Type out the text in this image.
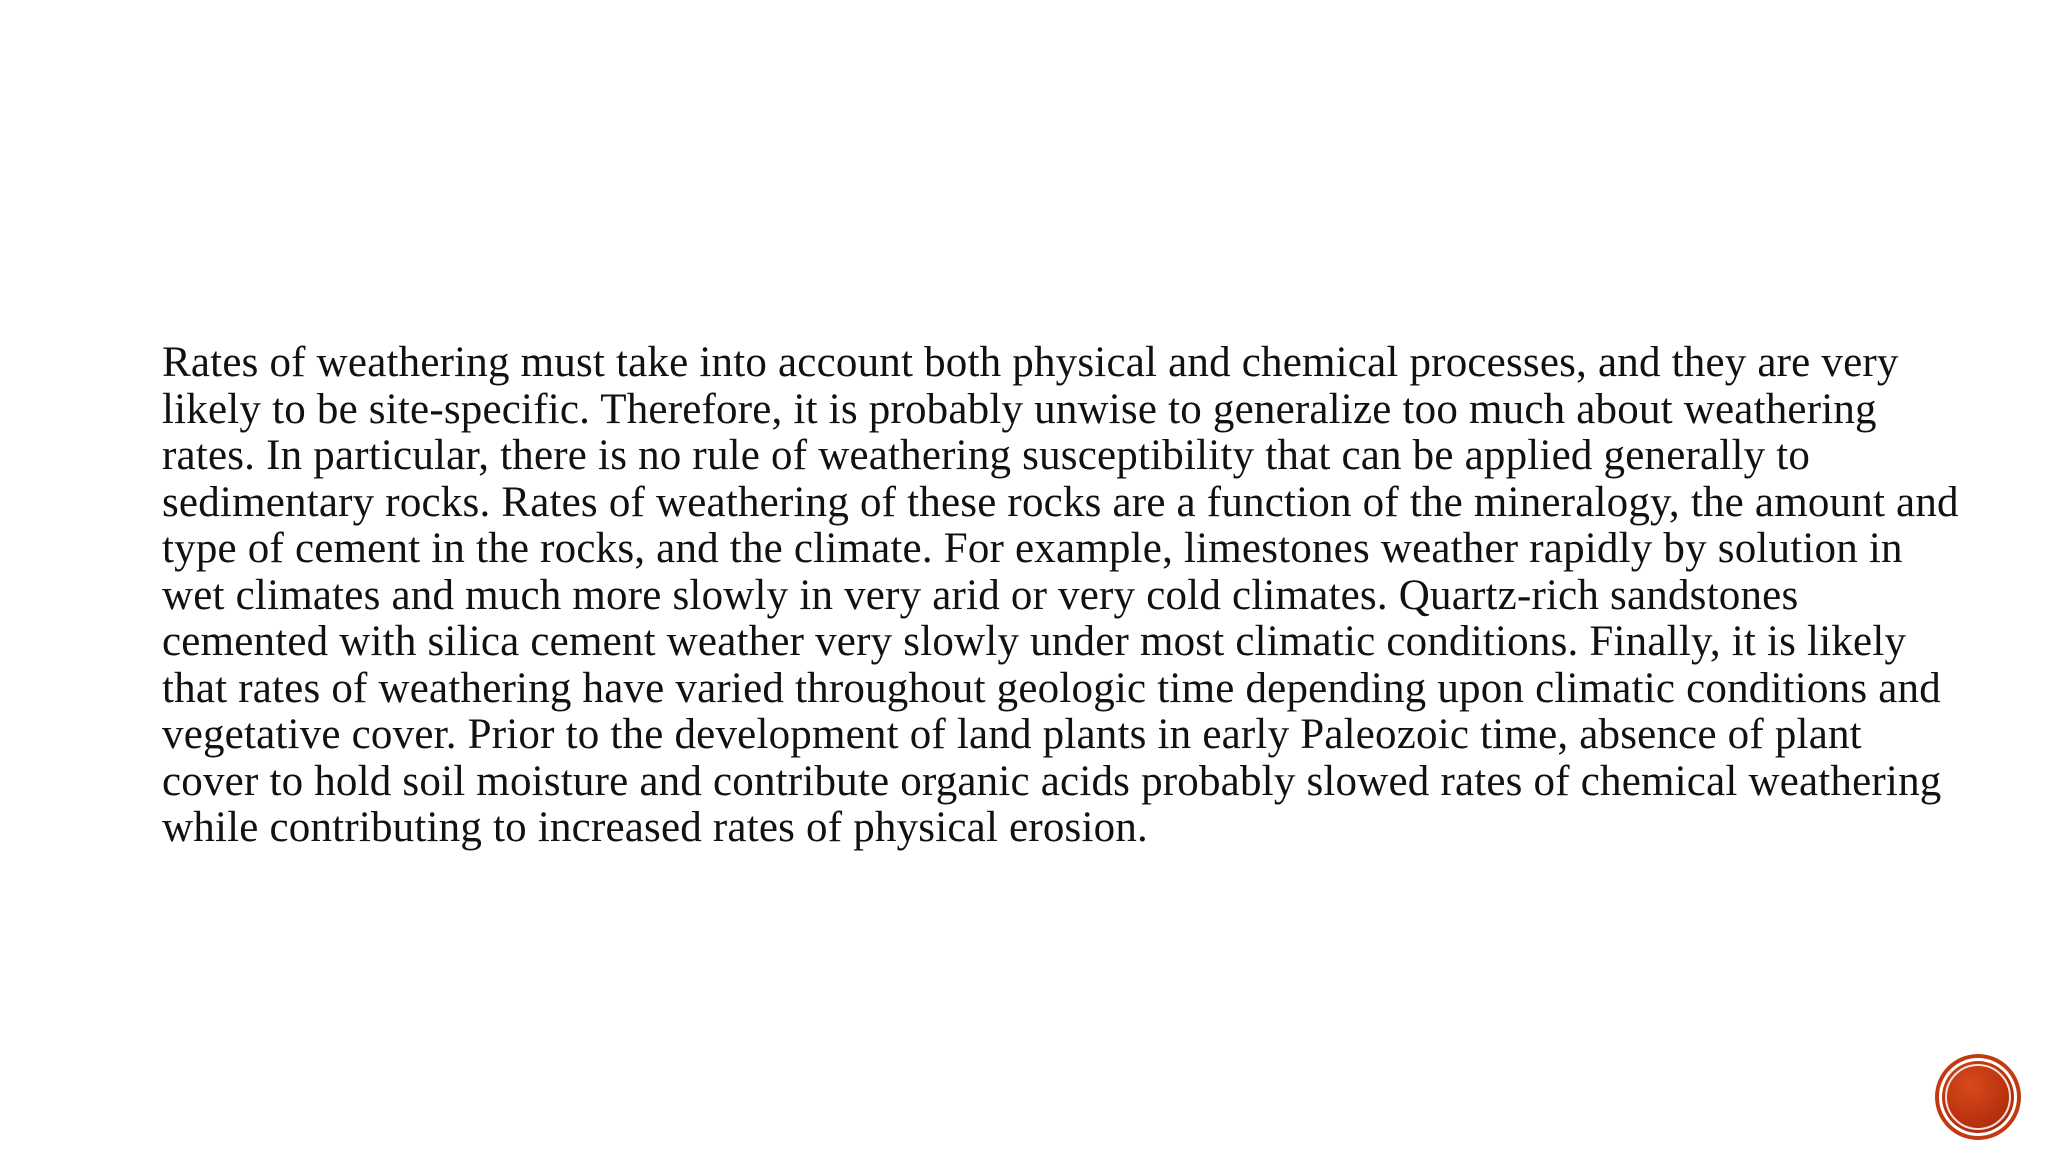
Rates of weathering must take into account both physical and chemical processes, and they are very likely to be site-specific. Therefore, it is probably unwise to generalize too much about weathering rates. In particular, there is no rule of weathering susceptibility that can be applied generally to sedimentary rocks. Rates of weathering of these rocks are a function of the mineralogy, the amount and type of cement in the rocks, and the climate. For example, limestones weather rapidly by solution in wet climates and much more slowly in very arid or very cold climates. Quartz-rich sandstones cemented with silica cement weather very slowly under most climatic conditions. Finally, it is likely that rates of weathering have varied throughout geologic time depending upon climatic conditions and vegetative cover. Prior to the development of land plants in early Paleozoic time, absence of plant cover to hold soil moisture and contribute organic acids probably slowed rates of chemical weathering while contributing to increased rates of physical erosion.
